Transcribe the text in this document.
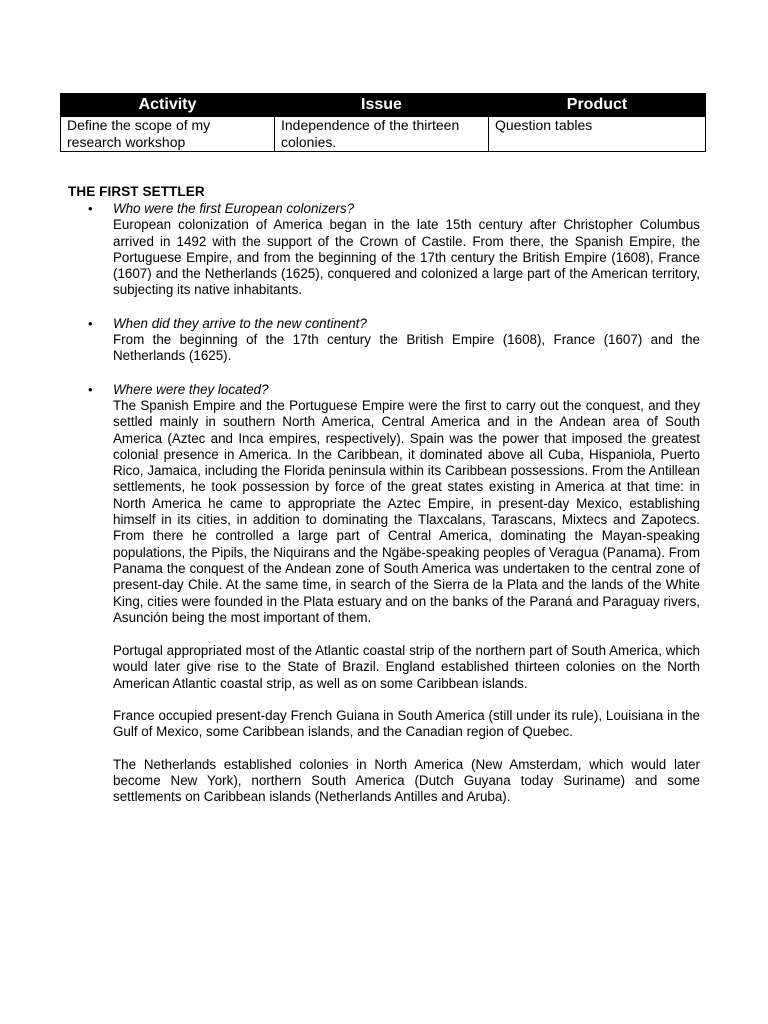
Activity	Issue	Product
Define the scope of my research workshop	Independence of the thirteen colonies.	Question tables
THE FIRST SETTLER
• Who were the first European colonizers?

European colonization of America began in the late 15th century after Christopher Columbus arrived in 1492 with the support of the Crown of Castile. From there, the Spanish Empire, the Portuguese Empire, and from the beginning of the 17th century the British Empire (1608), France (1607) and the Netherlands (1625), conquered and colonized a large part of the American territory, subjecting its native inhabitants.

• When did they arrive to the new continent?

From the beginning of the 17th century the British Empire (1608), France (1607) and the Netherlands (1625).

• Where were they located?

The Spanish Empire and the Portuguese Empire were the first to carry out the conquest, and they settled mainly in southern North America, Central America and in the Andean area of South America (Aztec and Inca empires, respectively). Spain was the power that imposed the greatest colonial presence in America. In the Caribbean, it dominated above all Cuba, Hispaniola, Puerto Rico, Jamaica, including the Florida peninsula within its Caribbean possessions. From the Antillean settlements, he took possession by force of the great states existing in America at that time: in North America he came to appropriate the Aztec Empire, in present-day Mexico, establishing himself in its cities, in addition to dominating the Tlaxcalans, Tarascans, Mixtecs and Zapotecs. From there he controlled a large part of Central America, dominating the Mayan-speaking populations, the Pipils, the Niquirans and the Ngäbe-speaking peoples of Veragua (Panama). From Panama the conquest of the Andean zone of South America was undertaken to the central zone of present-day Chile. At the same time, in search of the Sierra de la Plata and the lands of the White King, cities were founded in the Plata estuary and on the banks of the Paraná and Paraguay rivers, Asunción being the most important of them.

Portugal appropriated most of the Atlantic coastal strip of the northern part of South America, which would later give rise to the State of Brazil. England established thirteen colonies on the North American Atlantic coastal strip, as well as on some Caribbean islands.

France occupied present-day French Guiana in South America (still under its rule), Louisiana in the Gulf of Mexico, some Caribbean islands, and the Canadian region of Quebec.

The Netherlands established colonies in North America (New Amsterdam, which would later become New York), northern South America (Dutch Guyana today Suriname) and some settlements on Caribbean islands (Netherlands Antilles and Aruba).
